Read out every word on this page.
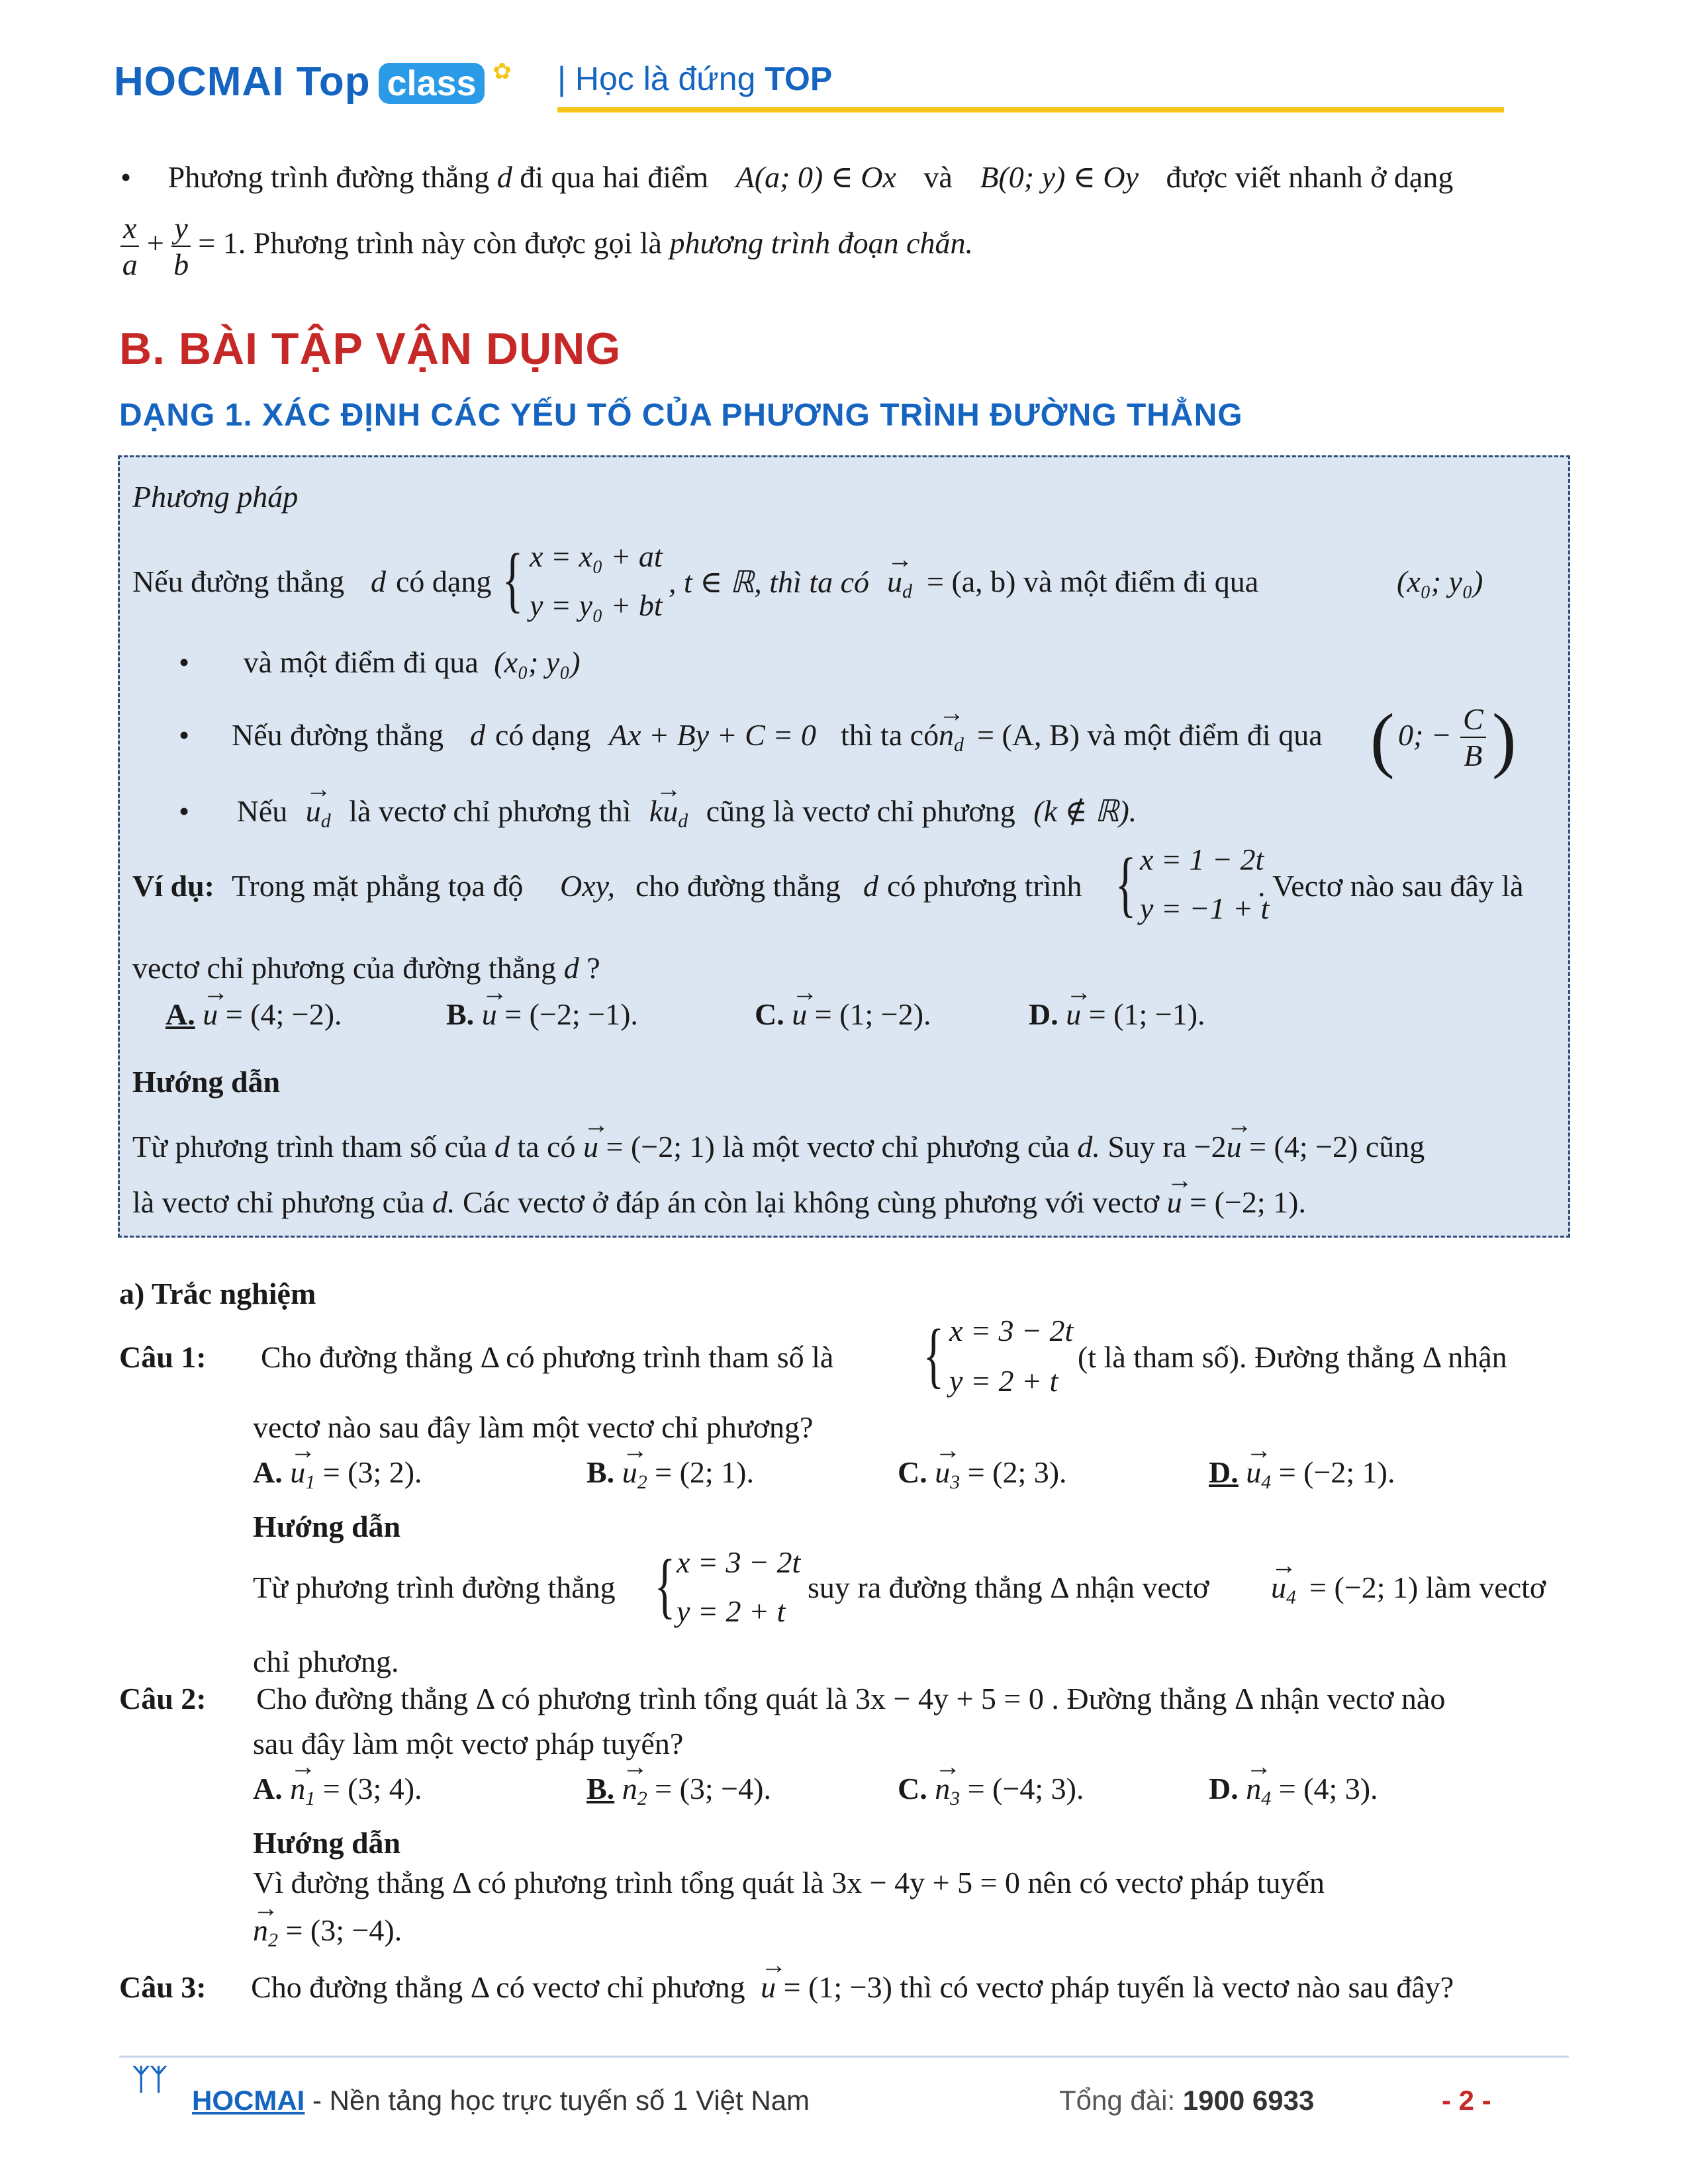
HOCMAI Top class ✿ | Học là đứng TOP
• Phương trình đường thẳng d đi qua hai điểm A(a; 0) ∈ Ox và B(0; y) ∈ Oy được viết nhanh ở dạng
$\frac{x}{a} + \frac{y}{b} = 1$. Phương trình này còn được gọi là phương trình đoạn chắn.
B. BÀI TẬP VẬN DỤNG
DẠNG 1. XÁC ĐỊNH CÁC YẾU TỐ CỦA PHƯƠNG TRÌNH ĐƯỜNG THẲNG
Phương pháp
Nếu đường thẳng d có dạng { x = x₀ + at
y = y₀ + bt
, t ∈ ℝ, thì ta có → $u_d = (a$, b) và một điểm đi qua	(x₀; y₀)
• và một điểm đi qua (x₀; y₀)
• Nếu đường thẳng d có dạng Ax + By + C = 0 thì ta có → $n_d = (A$, B) và một điểm đi qua ( 0; − $\frac{C}{B}$ )
• Nếu → $u_d$ là vectơ chỉ phương thì → $ku_d$ cũng là vectơ chỉ phương (k ∉ ℝ).
Ví dụ: Trong mặt phẳng tọa độ Oxy, cho đường thẳng d có phương trình { x = 1 − 2t
y = −1 + t
. Vectơ nào sau đây là
vectơ chỉ phương của đường thẳng d ?
A. → u = (4; −2).	B. → u = (−2; −1).	C. → u = (1; −2).	D. → u = (1; −1).
Hướng dẫn
Từ phương trình tham số của d ta có → u = (−2; 1) là một vectơ chỉ phương của d. Suy ra −2→ u = (4; −2) cũng
là vectơ chỉ phương của d. Các vectơ ở đáp án còn lại không cùng phương với vectơ → u = (−2; 1).
a) Trắc nghiệm
Câu 1: Cho đường thẳng Δ có phương trình tham số là { x = 3 − 2t
y = 2 + t
(t là tham số). Đường thẳng Δ nhận
vectơ nào sau đây làm một vectơ chỉ phương?
A. → $u_1 = (3$; 2).	B. → $u_2 = (2$; 1).	C. → $u_3 = (2$; 3).	D. → $u_4 = (-2$; 1).
Hướng dẫn
Từ phương trình đường thẳng { x = 3 − 2t
y = 2 + t
suy ra đường thẳng Δ nhận vectơ → $u_4 = (-2$; 1) làm vectơ
chỉ phương.
Câu 2: Cho đường thẳng Δ có phương trình tổng quát là 3x − 4y + 5 = 0 . Đường thẳng Δ nhận vectơ nào
sau đây làm một vectơ pháp tuyến?
A. → $n_1 = (3$; 4).	B. → $n_2 = (3$; −4).	C. → $n_3 = (-4$; 3).	D. → $n_4 = (4$; 3).
Hướng dẫn
Vì đường thẳng Δ có phương trình tổng quát là 3x − 4y + 5 = 0 nên có vectơ pháp tuyến
→ $n_2 = (3$; −4).
Câu 3: Cho đường thẳng Δ có vectơ chỉ phương → u = (1; −3) thì có vectơ pháp tuyến là vectơ nào sau đây?
ᛉᛉ
HOCMAI - Nền tảng học trực tuyến số 1 Việt Nam	Tổng đài: 1900 6933	- 2 -
